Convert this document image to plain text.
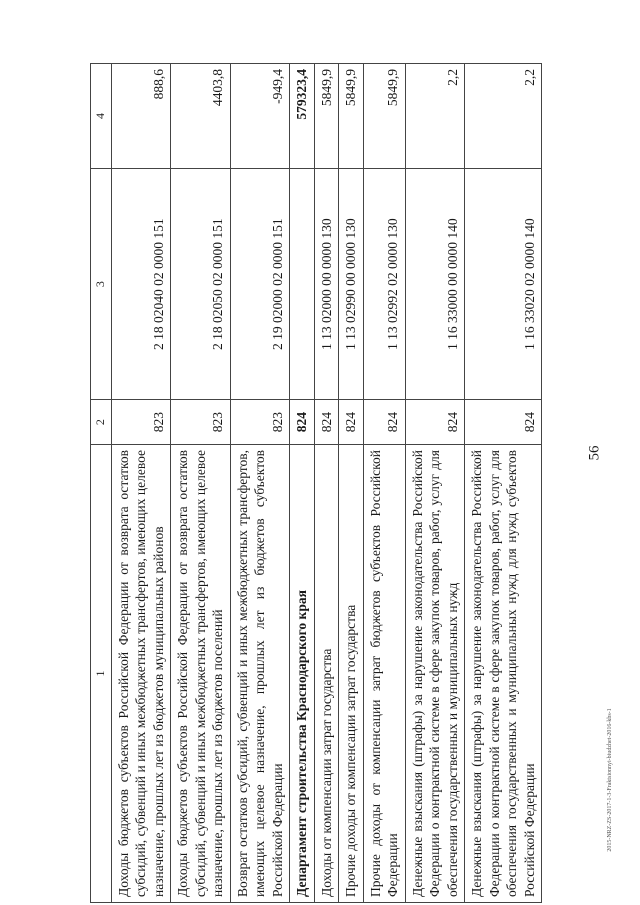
56
1	2	3	4
Доходы бюджетов субъектов Российской Федерации от возврата остатков субсидий, субвенций и иных межбюджетных трансфертов, имеющих целевое назначение, прошлых лет из бюджетов муниципальных районов	823	2 18 02040 02 0000 151	888,6
Доходы бюджетов субъектов Российской Федерации от возврата остатков субсидий, субвенций и иных межбюджетных трансфертов, имеющих целевое назначение, прошлых лет из бюджетов поселений	823	2 18 02050 02 0000 151	4403,8
Возврат остатков субсидий, субвенций и иных межбюджетных трансфертов, имеющих целевое назначение, прошлых лет из бюджетов субъектов Российской Федерации	823	2 19 02000 02 0000 151	-949,4
Департамент строительства Краснодарского края	824		579323,4
Доходы от компенсации затрат государства	824	1 13 02000 00 0000 130	5849,9
Прочие доходы от компенсации затрат государства	824	1 13 02990 00 0000 130	5849,9
Прочие доходы от компенсации затрат бюджетов субъектов Российской Федерации	824	1 13 02992 02 0000 130	5849,9
Денежные взыскания (штрафы) за нарушение законодательства Российской Федерации о контрактной системе в сфере закупок товаров, работ, услуг для обеспечения государственных и муниципальных нужд	824	1 16 33000 00 0000 140	2,2
Денежные взыскания (штрафы) за нарушение законодательства Российской Федерации о контрактной системе в сфере закупок товаров, работ, услуг для обеспечения государственных и муниципальных нужд для нужд субъектов Российской Федерации	824	1 16 33020 02 0000 140	2,2
2015-NRZ-ZS-2017-1-3-Fraktsionnyi-biudzhet-2016-kbs-1
